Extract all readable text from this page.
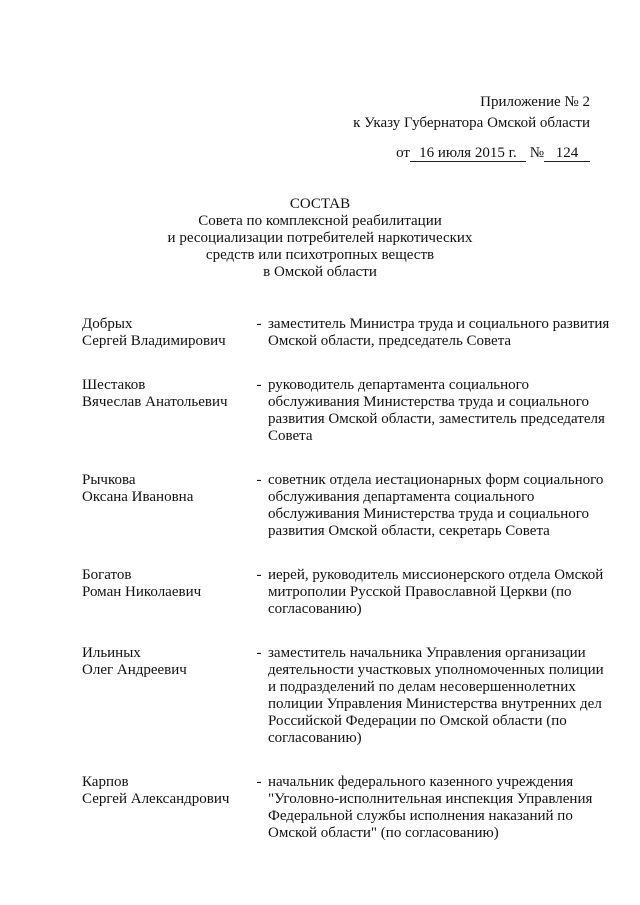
Приложение № 2
к Указу Губернатора Омской области
от 16 июля 2015 г. № 124
СОСТАВ
Совета по комплексной реабилитации
и ресоциализации потребителей наркотических
средств или психотропных веществ
в Омской области
Добрых
Сергей Владимирович
- заместитель Министра труда и социального развития Омской области, председатель Совета
Шестаков
Вячеслав Анатольевич
- руководитель департамента социального обслуживания Министерства труда и социального развития Омской области, заместитель председателя Совета
Рычкова
Оксана Ивановна
- советник отдела иестационарных форм социального обслуживания департамента социального обслуживания Министерства труда и социального развития Омской области, секретарь Совета
Богатов
Роман Николаевич
- иерей, руководитель миссионерского отдела Омской митрополии Русской Православной Церкви (по согласованию)
Ильиных
Олег Андреевич
- заместитель начальника Управления организации деятельности участковых уполномоченных полиции и подразделений по делам несовершеннолетних полиции Управления Министерства внутренних дел Российской Федерации по Омской области (по согласованию)
Карпов
Сергей Александрович
- начальник федерального казенного учреждения "Уголовно-исполнительная инспекция Управления Федеральной службы исполнения наказаний по Омской области" (по согласованию)
